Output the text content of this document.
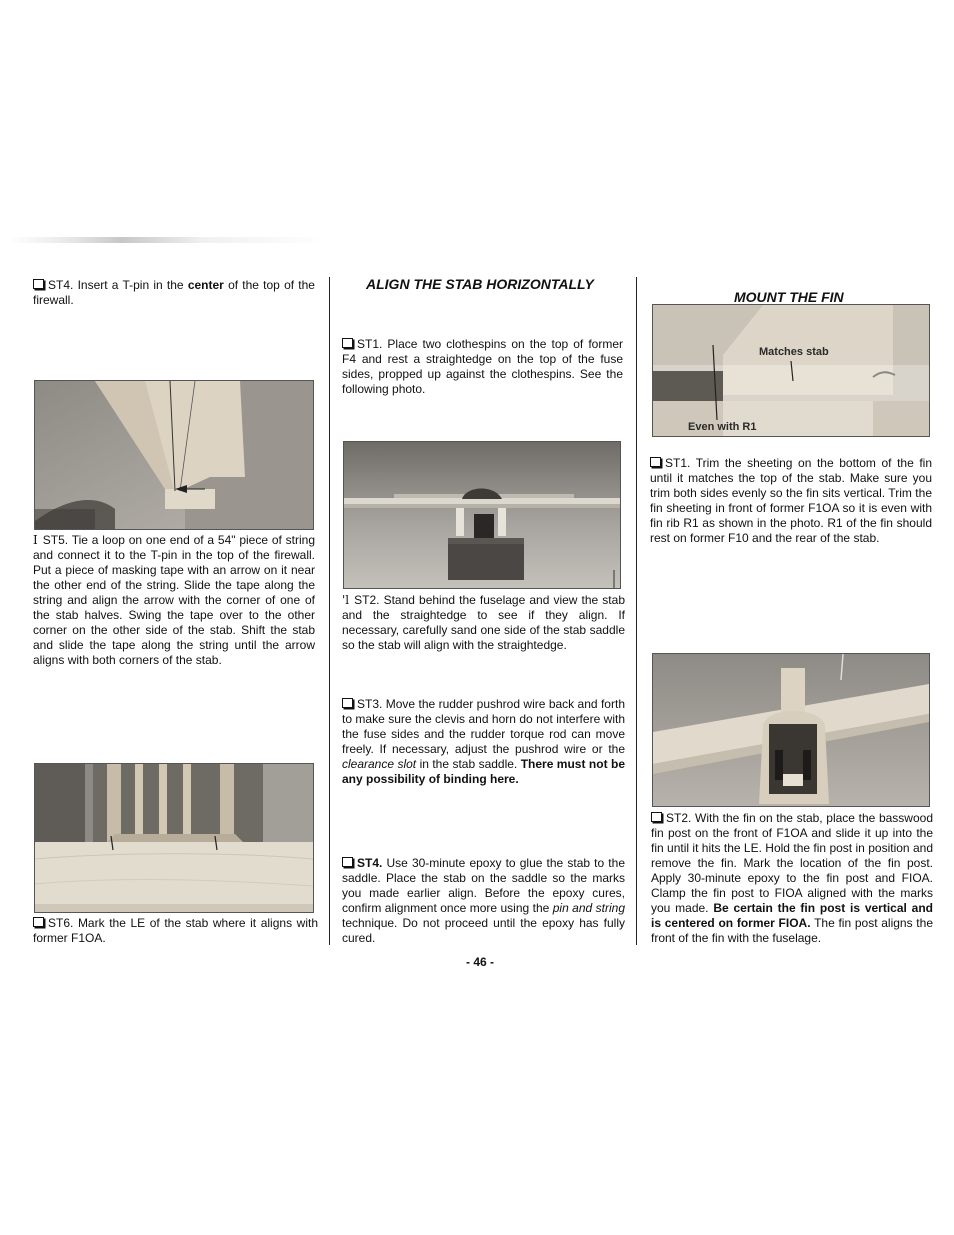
ST4. Insert a T-pin in the center of the top of the firewall.
I ST5. Tie a loop on one end of a 54" piece of string and connect it to the T-pin in the top of the firewall. Put a piece of masking tape with an arrow on it near the other end of the string. Slide the tape along the string and align the arrow with the corner of one of the stab halves. Swing the tape over to the other corner on the other side of the stab. Shift the stab and slide the tape along the string until the arrow aligns with both corners of the stab.
ST6. Mark the LE of the stab where it aligns with former F1OA.
ALIGN THE STAB HORIZONTALLY
ST1. Place two clothespins on the top of former F4 and rest a straightedge on the top of the fuse sides, propped up against the clothespins. See the following photo.
'l ST2. Stand behind the fuselage and view the stab and the straightedge to see if they align. If necessary, carefully sand one side of the stab saddle so the stab will align with the straightedge.
ST3. Move the rudder pushrod wire back and forth to make sure the clevis and horn do not interfere with the fuse sides and the rudder torque rod can move freely. If necessary, adjust the pushrod wire or the clearance slot in the stab saddle. There must not be any possibility of binding here.
ST4. Use 30-minute epoxy to glue the stab to the saddle. Place the stab on the saddle so the marks you made earlier align. Before the epoxy cures, confirm alignment once more using the pin and string technique. Do not proceed until the epoxy has fully cured.
MOUNT THE FIN
Matches stab
Even with R1
ST1. Trim the sheeting on the bottom of the fin until it matches the top of the stab. Make sure you trim both sides evenly so the fin sits vertical. Trim the fin sheeting in front of former F1OA so it is even with fin rib R1 as shown in the photo. R1 of the fin should rest on former F10 and the rear of the stab.
ST2. With the fin on the stab, place the basswood fin post on the front of F1OA and slide it up into the fin until it hits the LE. Hold the fin post in position and remove the fin. Mark the location of the fin post. Apply 30-minute epoxy to the fin post and FIOA. Clamp the fin post to FIOA aligned with the marks you made. Be certain the fin post is vertical and is centered on former FIOA. The fin post aligns the front of the fin with the fuselage.
- 46 -
